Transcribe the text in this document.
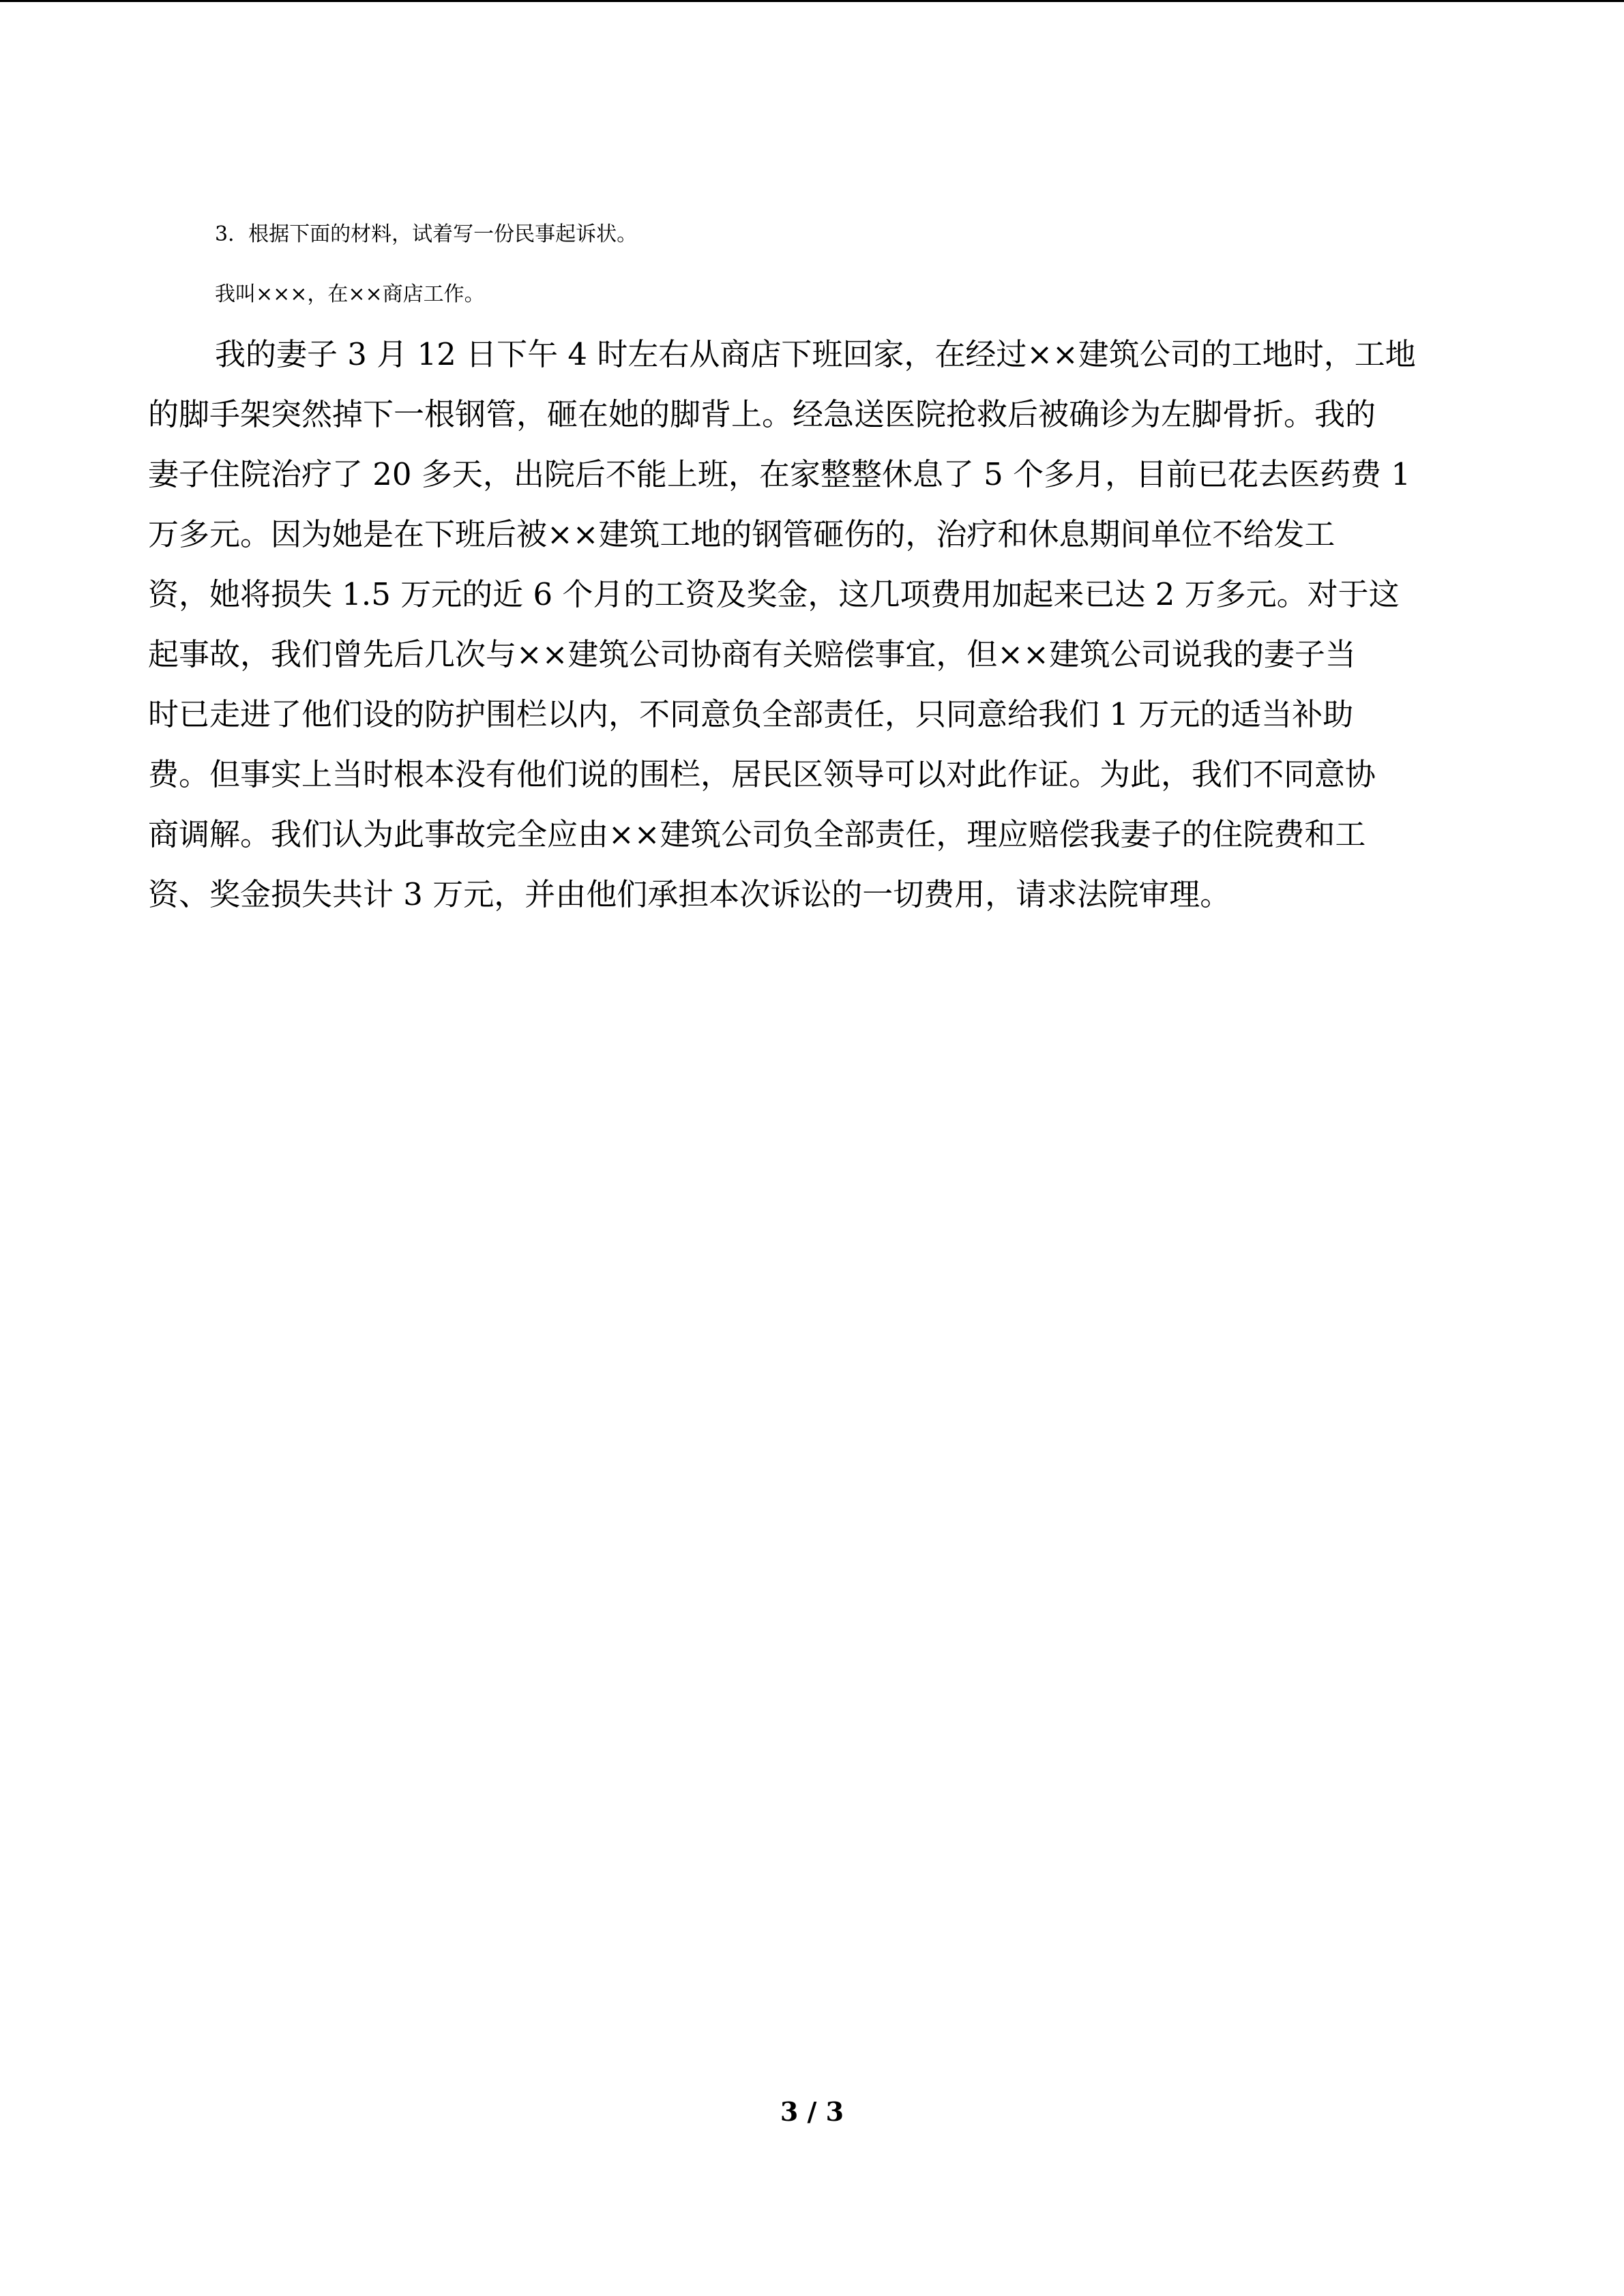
3．根据下面的材料，试着写一份民事起诉状。

我叫×××，在××商店工作。

我的妻子 3 月 12 日下午 4 时左右从商店下班回家，在经过××建筑公司的工地时，工地

的脚手架突然掉下一根钢管，砸在她的脚背上。经急送医院抢救后被确诊为左脚骨折。我的

妻子住院治疗了 20 多天，出院后不能上班，在家整整休息了 5 个多月，目前已花去医药费 1

万多元。因为她是在下班后被××建筑工地的钢管砸伤的，治疗和休息期间单位不给发工

资，她将损失 1.5 万元的近 6 个月的工资及奖金，这几项费用加起来已达 2 万多元。对于这

起事故，我们曾先后几次与××建筑公司协商有关赔偿事宜，但××建筑公司说我的妻子当

时已走进了他们设的防护围栏以内，不同意负全部责任，只同意给我们 1 万元的适当补助

费。但事实上当时根本没有他们说的围栏，居民区领导可以对此作证。为此，我们不同意协

商调解。我们认为此事故完全应由××建筑公司负全部责任，理应赔偿我妻子的住院费和工

资、奖金损失共计 3 万元，并由他们承担本次诉讼的一切费用，请求法院审理。

3 / 3
